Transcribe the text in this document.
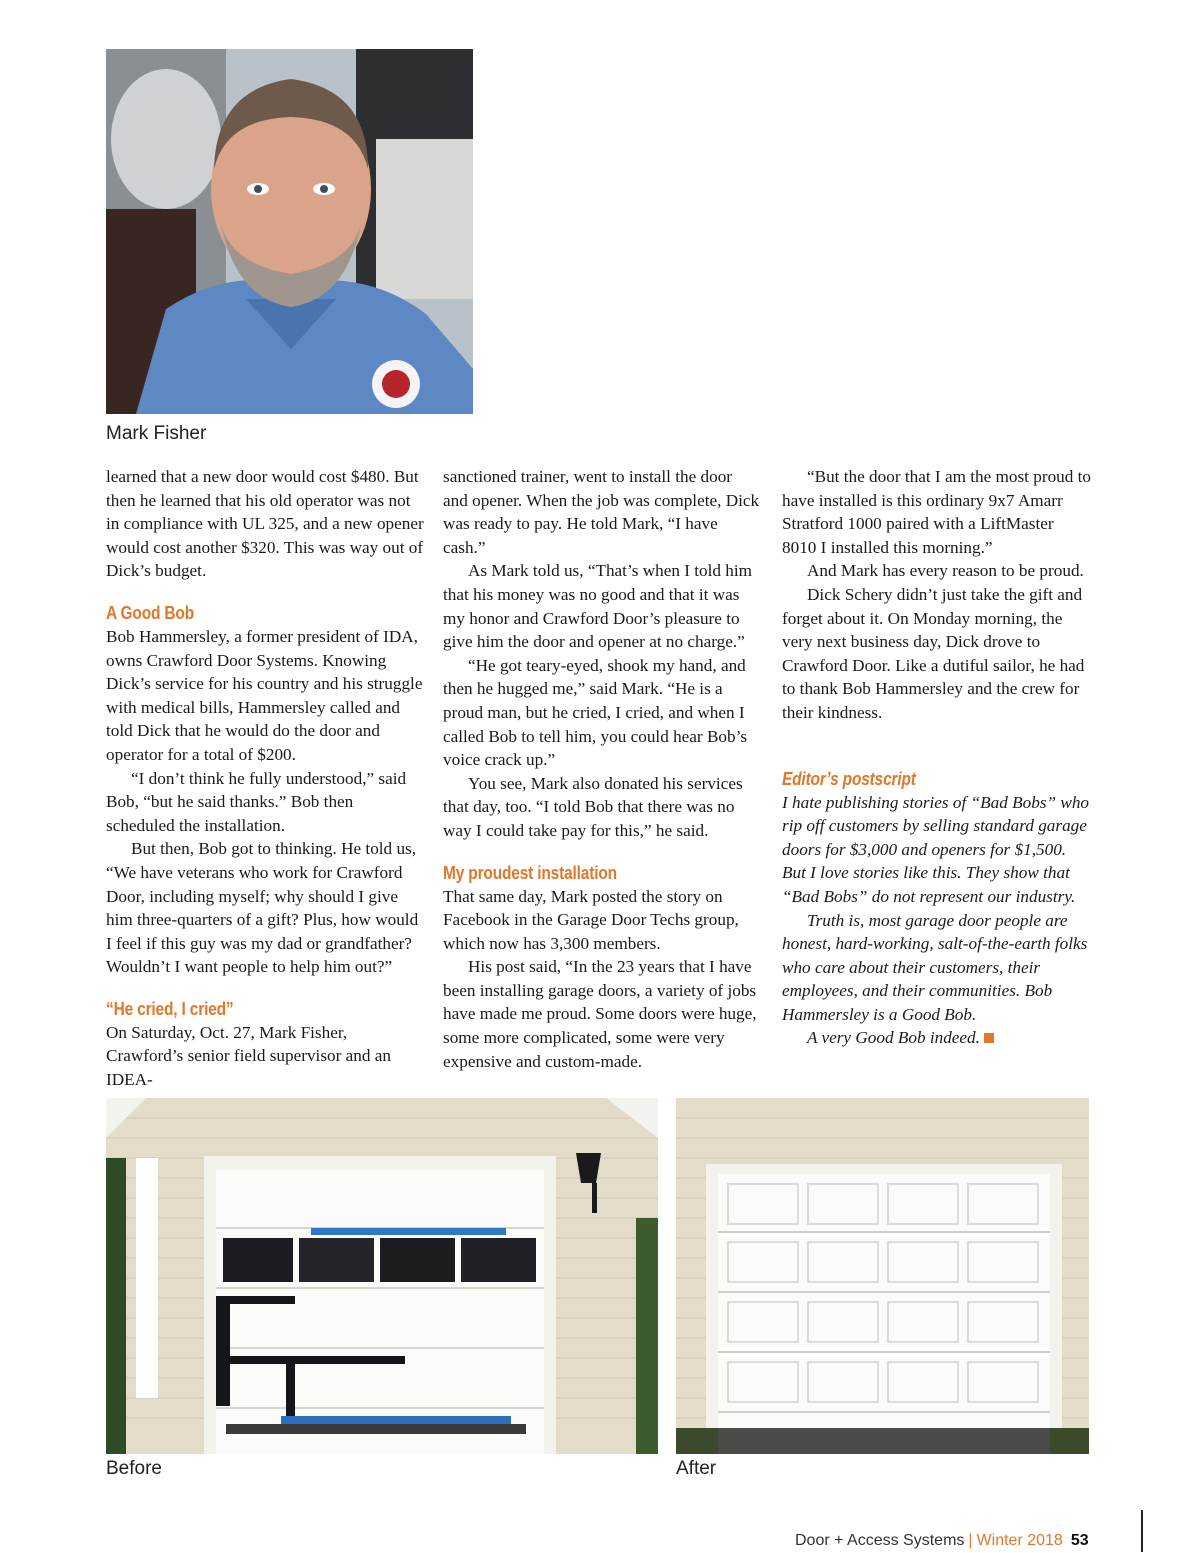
Mark Fisher

learned that a new door would cost $480. But then he learned that his old operator was not in compliance with UL 325, and a new opener would cost another $320. This was way out of Dick’s budget.

A Good Bob

Bob Hammersley, a former president of IDA, owns Crawford Door Systems. Knowing Dick’s service for his country and his struggle with medical bills, Hammersley called and told Dick that he would do the door and operator for a total of $200.

“I don’t think he fully understood,” said Bob, “but he said thanks.” Bob then scheduled the installation.

But then, Bob got to thinking. He told us, “We have veterans who work for Crawford Door, including myself; why should I give him three-quarters of a gift? Plus, how would I feel if this guy was my dad or grandfather? Wouldn’t I want people to help him out?”

“He cried, I cried”

On Saturday, Oct. 27, Mark Fisher, Crawford’s senior field supervisor and an IDEA-

sanctioned trainer, went to install the door and opener. When the job was complete, Dick was ready to pay. He told Mark, “I have cash.”

As Mark told us, “That’s when I told him that his money was no good and that it was my honor and Crawford Door’s pleasure to give him the door and opener at no charge.”

“He got teary-eyed, shook my hand, and then he hugged me,” said Mark. “He is a proud man, but he cried, I cried, and when I called Bob to tell him, you could hear Bob’s voice crack up.”

You see, Mark also donated his services that day, too. “I told Bob that there was no way I could take pay for this,” he said.

My proudest installation

That same day, Mark posted the story on Facebook in the Garage Door Techs group, which now has 3,300 members.

His post said, “In the 23 years that I have been installing garage doors, a variety of jobs have made me proud. Some doors were huge, some more complicated, some were very expensive and custom-made.

“But the door that I am the most proud to have installed is this ordinary 9x7 Amarr Stratford 1000 paired with a LiftMaster 8010 I installed this morning.”

And Mark has every reason to be proud.

Dick Schery didn’t just take the gift and forget about it. On Monday morning, the very next business day, Dick drove to Crawford Door. Like a dutiful sailor, he had to thank Bob Hammersley and the crew for their kindness.

Editor’s postscript

I hate publishing stories of “Bad Bobs” who rip off customers by selling standard garage doors for $3,000 and openers for $1,500. But I love stories like this. They show that “Bad Bobs” do not represent our industry.

Truth is, most garage door people are honest, hard-working, salt-of-the-earth folks who care about their customers, their employees, and their communities. Bob Hammersley is a Good Bob.

A very Good Bob indeed.

Before	After
Door + Access Systems | Winter 2018 53
